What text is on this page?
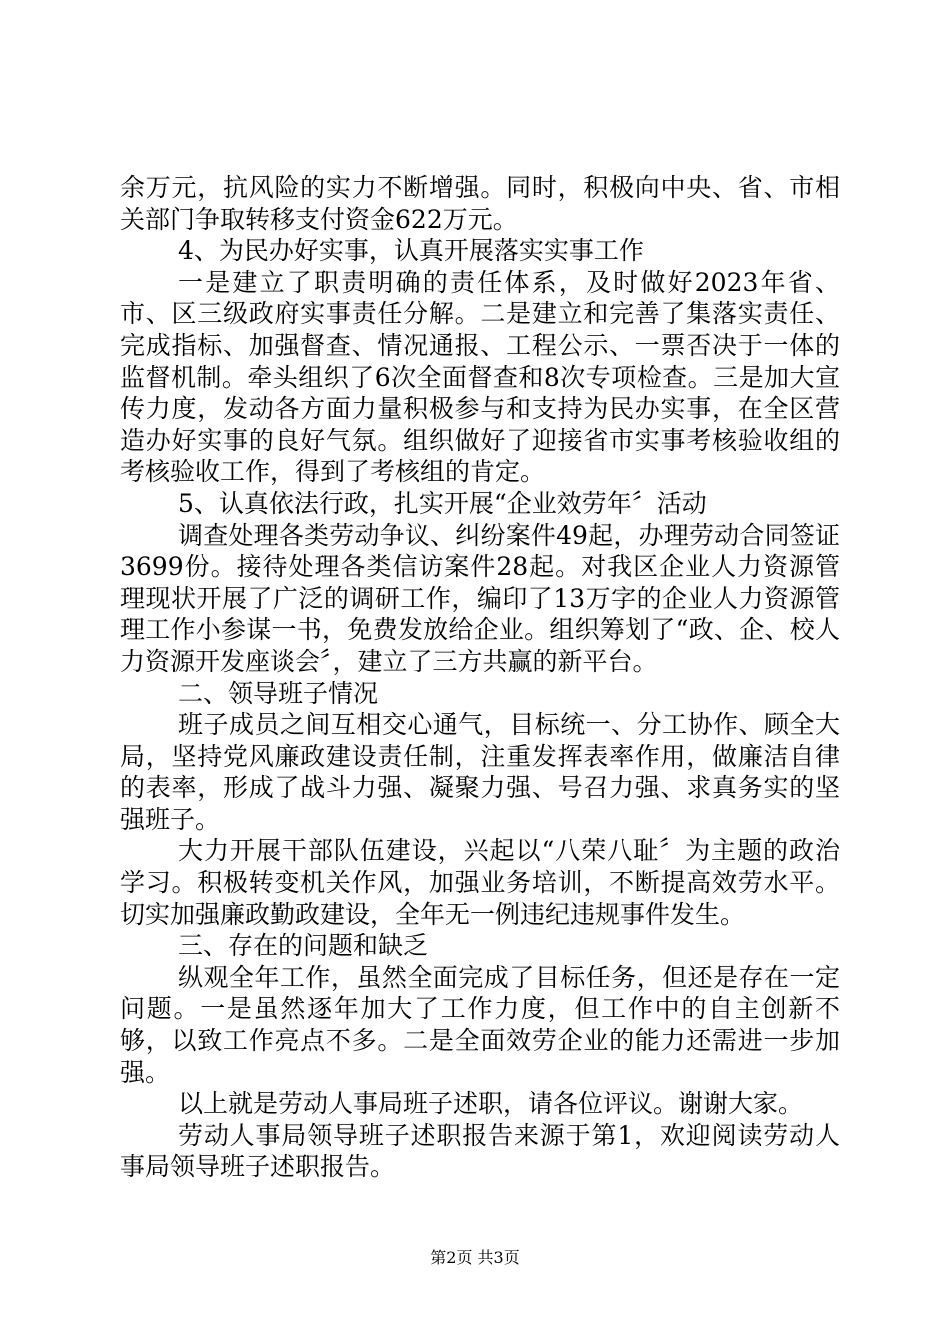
余万元，抗风险的实力不断增强。同时，积极向中央、省、市相关部门争取转移支付资金622万元。

4、为民办好实事，认真开展落实实事工作

一是建立了职责明确的责任体系，及时做好2023年省、市、区三级政府实事责任分解。二是建立和完善了集落实责任、完成指标、加强督查、情况通报、工程公示、一票否决于一体的监督机制。牵头组织了6次全面督查和8次专项检查。三是加大宣传力度，发动各方面力量积极参与和支持为民办实事，在全区营造办好实事的良好气氛。组织做好了迎接省市实事考核验收组的考核验收工作，得到了考核组的肯定。

5、认真依法行政，扎实开展“企业效劳年〞活动

调查处理各类劳动争议、纠纷案件49起，办理劳动合同签证3699份。接待处理各类信访案件28起。对我区企业人力资源管理现状开展了广泛的调研工作，编印了13万字的企业人力资源管理工作小参谋一书，免费发放给企业。组织筹划了“政、企、校人力资源开发座谈会〞，建立了三方共赢的新平台。

二、领导班子情况

班子成员之间互相交心通气，目标统一、分工协作、顾全大局，坚持党风廉政建设责任制，注重发挥表率作用，做廉洁自律的表率，形成了战斗力强、凝聚力强、号召力强、求真务实的坚强班子。

大力开展干部队伍建设，兴起以“八荣八耻〞为主题的政治学习。积极转变机关作风，加强业务培训，不断提高效劳水平。切实加强廉政勤政建设，全年无一例违纪违规事件发生。

三、存在的问题和缺乏

纵观全年工作，虽然全面完成了目标任务，但还是存在一定问题。一是虽然逐年加大了工作力度，但工作中的自主创新不够，以致工作亮点不多。二是全面效劳企业的能力还需进一步加强。

以上就是劳动人事局班子述职，请各位评议。谢谢大家。

劳动人事局领导班子述职报告来源于第1，欢迎阅读劳动人事局领导班子述职报告。

第2页 共3页
